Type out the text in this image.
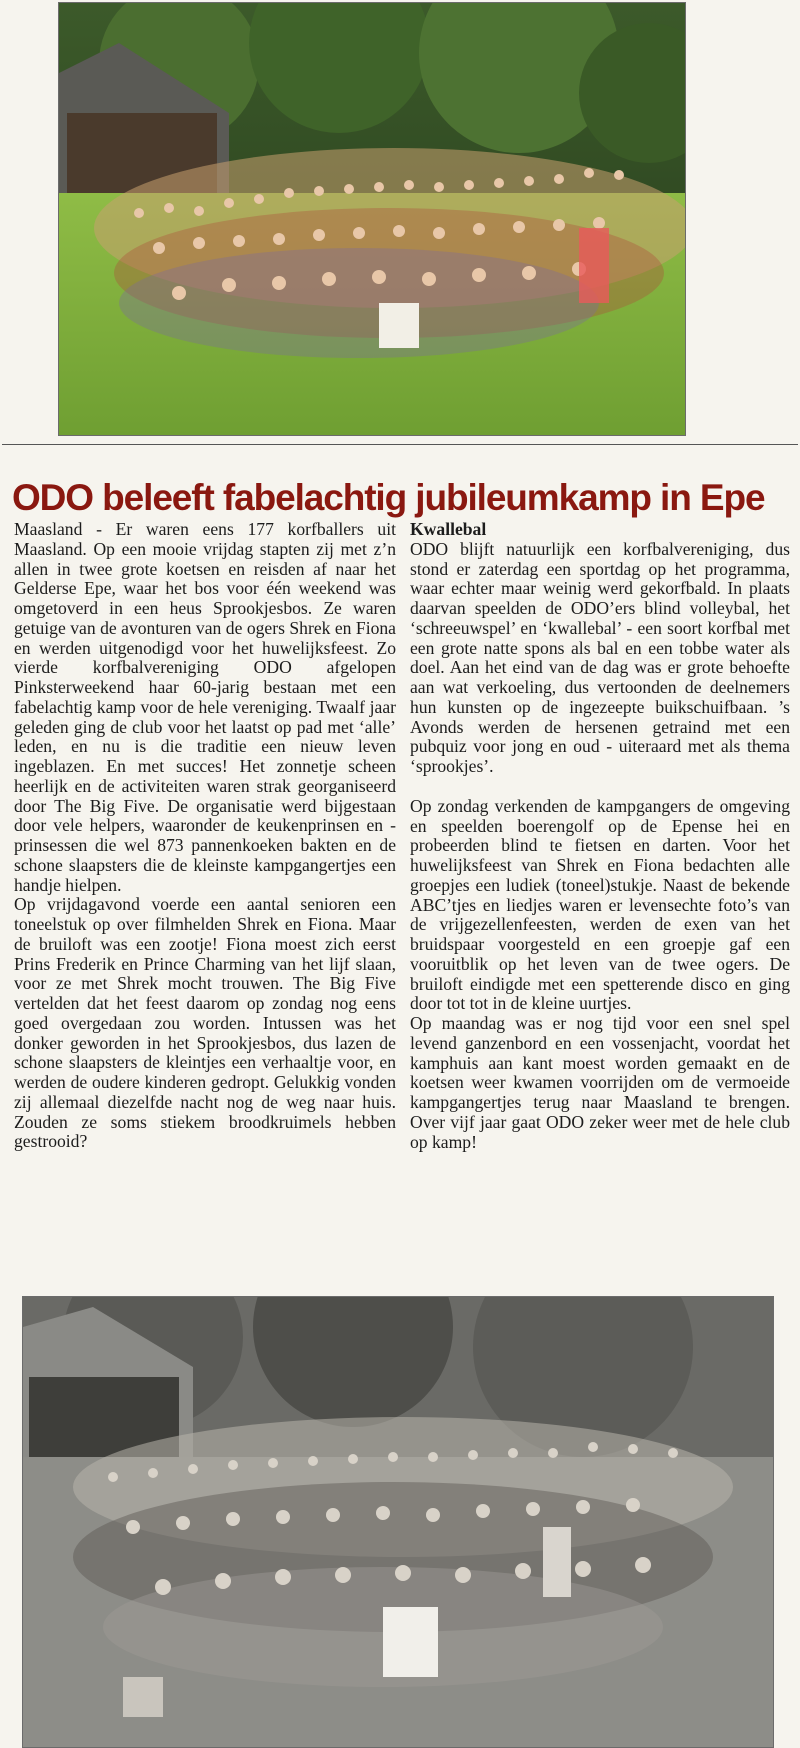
ODO beleeft fabelachtig jubileumkamp in Epe

Maasland - Er waren eens 177 korfballers uit Maasland. Op een mooie vrijdag stapten zij met z’n allen in twee grote koetsen en reisden af naar het Gelderse Epe, waar het bos voor één weekend was omgetoverd in een heus Sprookjesbos. Ze waren getuige van de avonturen van de ogers Shrek en Fiona en werden uitgenodigd voor het huwelijksfeest. Zo vierde korfbalvereniging ODO afgelopen Pinksterweekend haar 60-jarig bestaan met een fabelachtig kamp voor de hele vereniging. Twaalf jaar geleden ging de club voor het laatst op pad met ‘alle’ leden, en nu is die traditie een nieuw leven ingeblazen. En met succes! Het zonnetje scheen heerlijk en de activiteiten waren strak georganiseerd door The Big Five. De organisatie werd bijgestaan door vele helpers, waaronder de keukenprinsen en -prinsessen die wel 873 pannenkoeken bakten en de schone slaapsters die de kleinste kampgangertjes een handje hielpen.

Op vrijdagavond voerde een aantal senioren een toneelstuk op over filmhelden Shrek en Fiona. Maar de bruiloft was een zootje! Fiona moest zich eerst Prins Frederik en Prince Charming van het lijf slaan, voor ze met Shrek mocht trouwen. The Big Five vertelden dat het feest daarom op zondag nog eens goed overgedaan zou worden. Intussen was het donker geworden in het Sprookjesbos, dus lazen de schone slaapsters de kleintjes een verhaaltje voor, en werden de oudere kinderen gedropt. Gelukkig vonden zij allemaal diezelfde nacht nog de weg naar huis. Zouden ze soms stiekem broodkruimels hebben gestrooid?

Kwallebal

ODO blijft natuurlijk een korfbalvereniging, dus stond er zaterdag een sportdag op het programma, waar echter maar weinig werd gekorfbald. In plaats daarvan speelden de ODO’ers blind volleybal, het ‘schreeuwspel’ en ‘kwallebal’ - een soort korfbal met een grote natte spons als bal en een tobbe water als doel. Aan het eind van de dag was er grote behoefte aan wat verkoeling, dus vertoonden de deelnemers hun kunsten op de ingezeepte buikschuifbaan. ’s Avonds werden de hersenen getraind met een pubquiz voor jong en oud - uiteraard met als thema ‘sprookjes’.

Op zondag verkenden de kampgangers de omgeving en speelden boerengolf op de Epense hei en probeerden blind te fietsen en darten. Voor het huwelijksfeest van Shrek en Fiona bedachten alle groepjes een ludiek (toneel)stukje. Naast de bekende ABC’tjes en liedjes waren er levensechte foto’s van de vrijgezellenfeesten, werden de exen van het bruidspaar voorgesteld en een groepje gaf een vooruitblik op het leven van de twee ogers. De bruiloft eindigde met een spetterende disco en ging door tot tot in de kleine uurtjes.

Op maandag was er nog tijd voor een snel spel levend ganzenbord en een vossenjacht, voordat het kamphuis aan kant moest worden gemaakt en de koetsen weer kwamen voorrijden om de vermoeide kampgangertjes terug naar Maasland te brengen. Over vijf jaar gaat ODO zeker weer met de hele club op kamp!
